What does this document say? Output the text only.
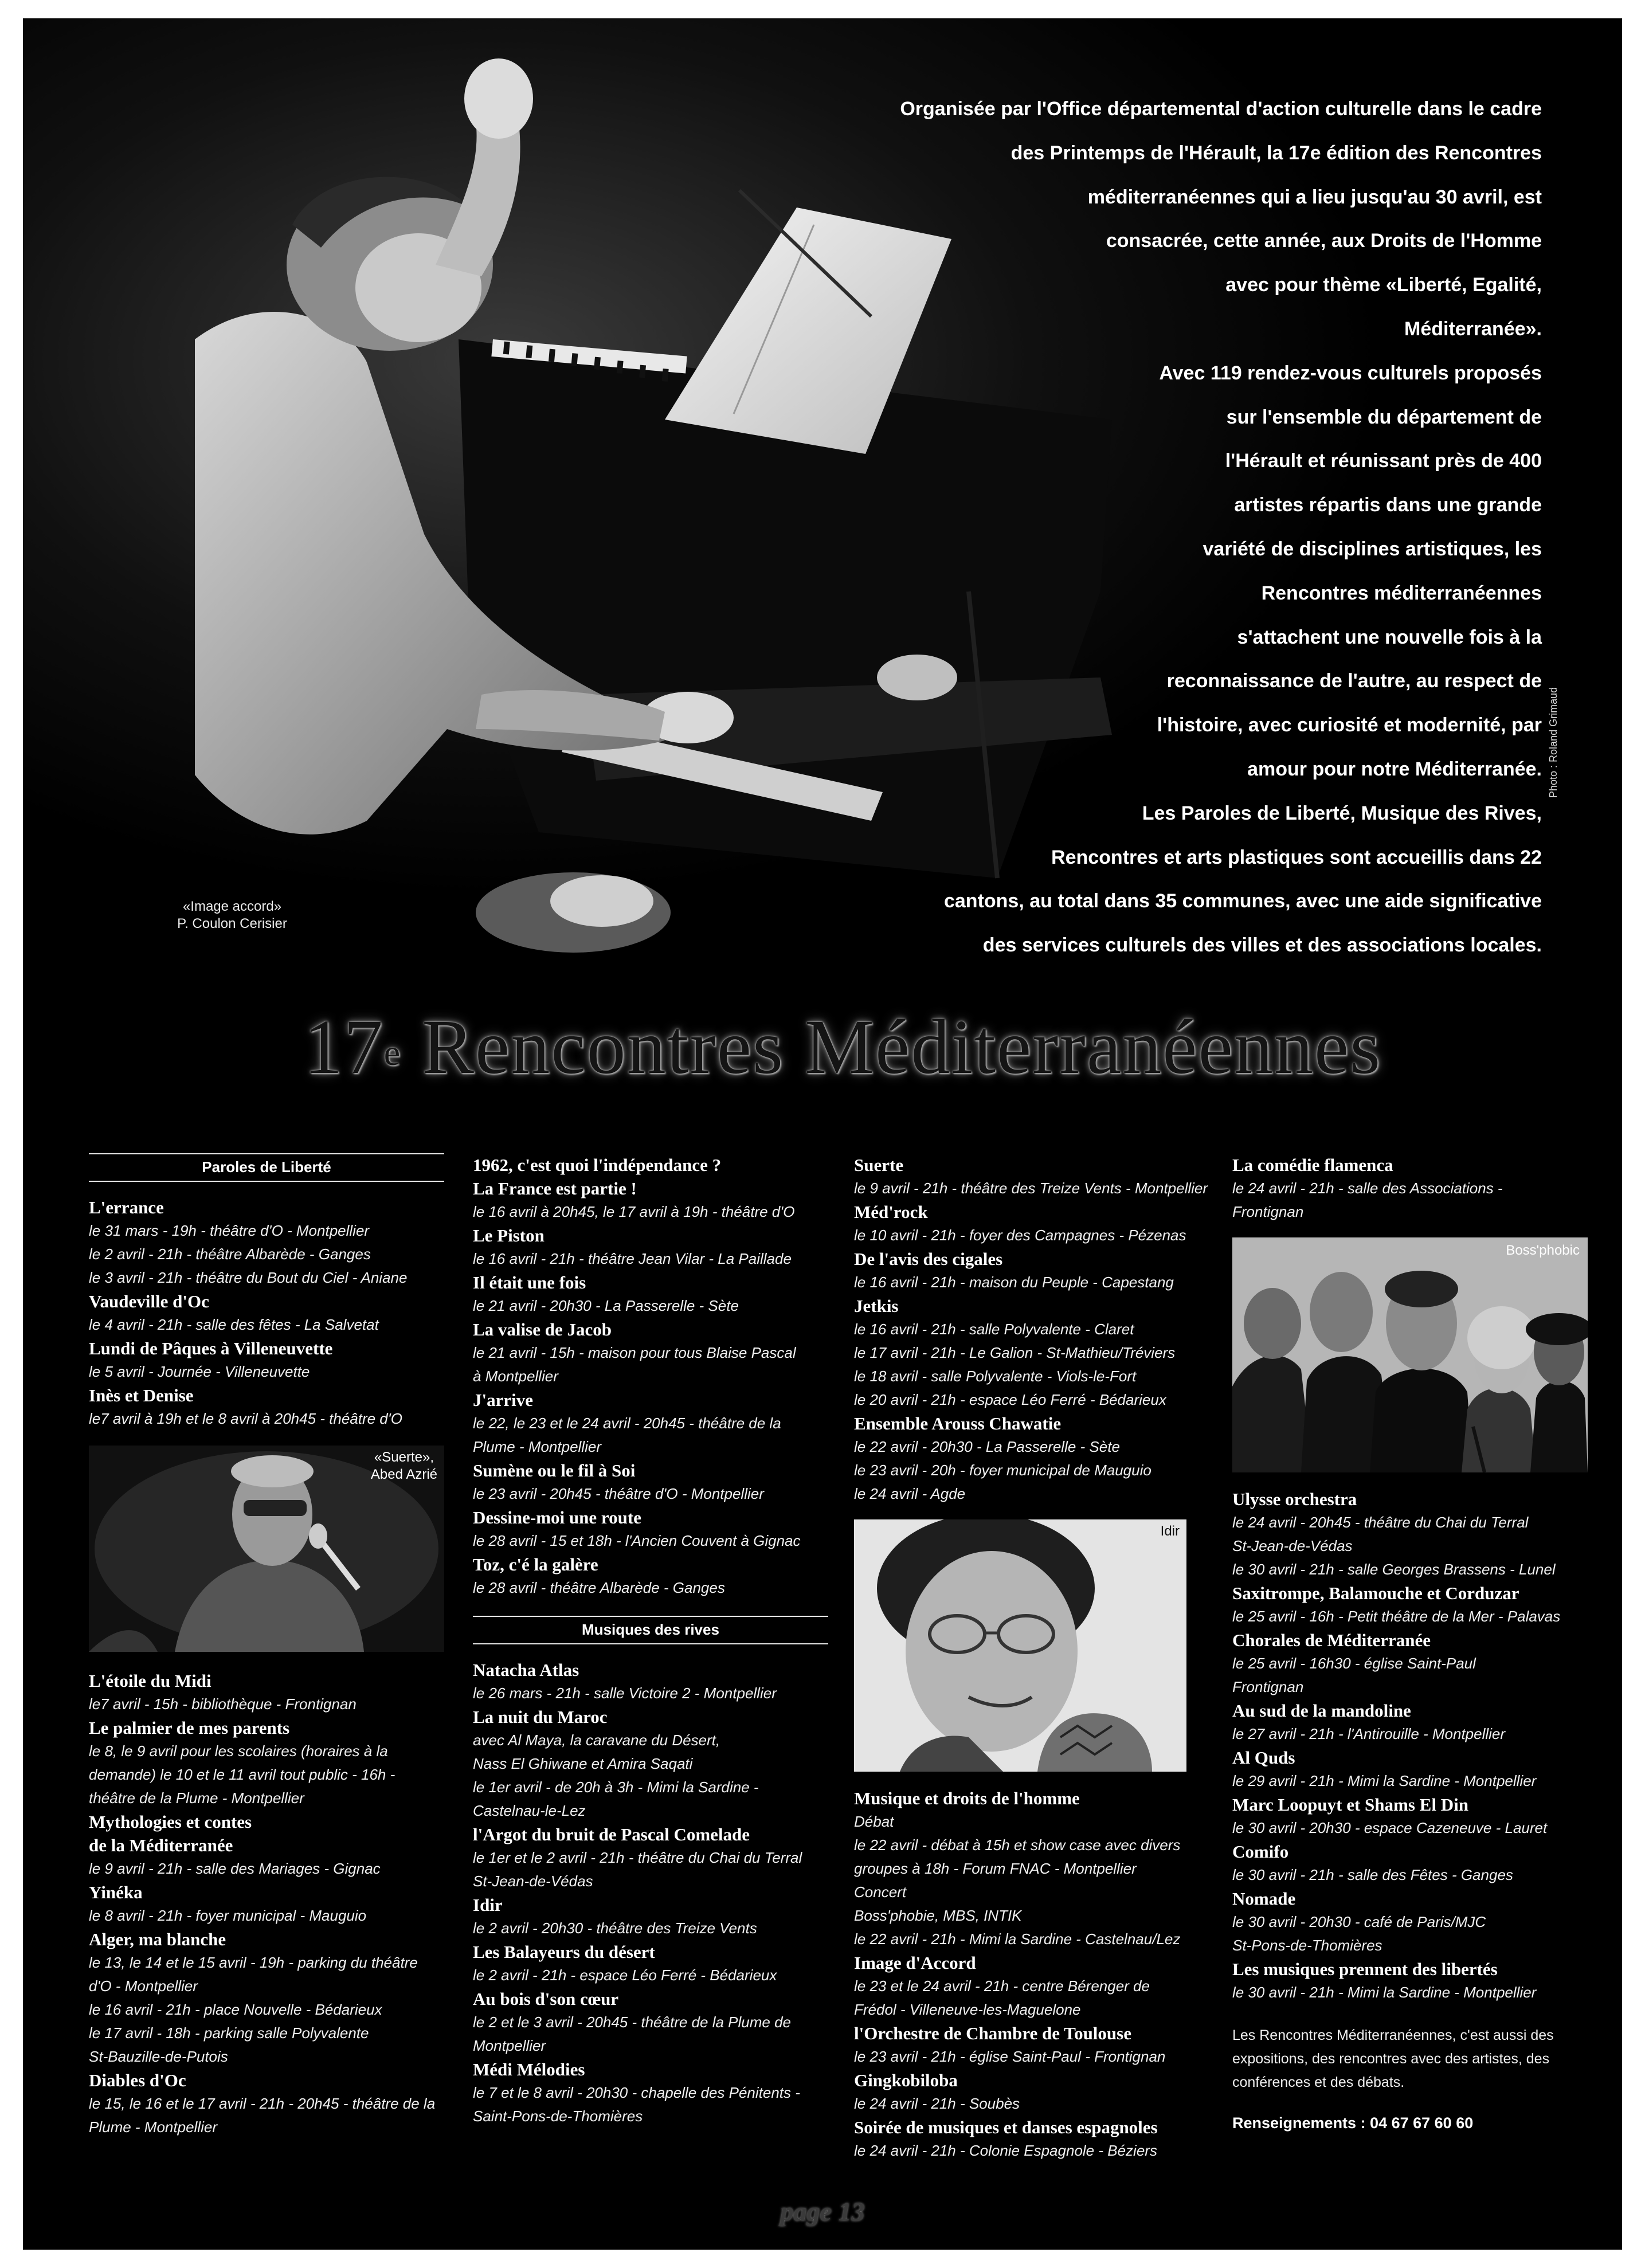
«Image accord»
P. Coulon Cerisier
Photo : Roland Grimaud
Organisée par l'Office départemental d'action culturelle dans le cadre
des Printemps de l'Hérault, la 17e édition des Rencontres
méditerranéennes qui a lieu jusqu'au 30 avril, est
consacrée, cette année, aux Droits de l'Homme
avec pour thème «Liberté, Egalité,
Méditerranée».
Avec 119 rendez-vous culturels proposés
sur l'ensemble du département de
l'Hérault et réunissant près de 400
artistes répartis dans une grande
variété de disciplines artistiques, les
Rencontres méditerranéennes
s'attachent une nouvelle fois à la
reconnaissance de l'autre, au respect de
l'histoire, avec curiosité et modernité, par
amour pour notre Méditerranée.
Les Paroles de Liberté, Musique des Rives,
Rencontres et arts plastiques sont accueillis dans 22
cantons, au total dans 35 communes, avec une aide significative
des services culturels des villes et des associations locales.
17e Rencontres Méditerranéennes
Paroles de Liberté
L'errance
le 31 mars - 19h - théâtre d'O - Montpellier
le 2 avril - 21h - théâtre Albarède - Ganges
le 3 avril - 21h - théâtre du Bout du Ciel - Aniane
Vaudeville d'Oc
le 4 avril - 21h - salle des fêtes - La Salvetat
Lundi de Pâques à Villeneuvette
le 5 avril - Journée - Villeneuvette
Inès et Denise
le7 avril à 19h et le 8 avril à 20h45 - théâtre d'O
«Suerte»,
Abed Azrié
L'étoile du Midi
le7 avril - 15h - bibliothèque - Frontignan
Le palmier de mes parents
le 8, le 9 avril pour les scolaires (horaires à la
demande) le 10 et le 11 avril tout public - 16h -
théâtre de la Plume - Montpellier
Mythologies et contes
de la Méditerranée
le 9 avril - 21h - salle des Mariages - Gignac
Yinéka
le 8 avril - 21h - foyer municipal - Mauguio
Alger, ma blanche
le 13, le 14 et le 15 avril - 19h - parking du théâtre
d'O - Montpellier
le 16 avril - 21h - place Nouvelle - Bédarieux
le 17 avril - 18h - parking salle Polyvalente
St-Bauzille-de-Putois
Diables d'Oc
le 15, le 16 et le 17 avril - 21h - 20h45 - théâtre de la
Plume - Montpellier
1962, c'est quoi l'indépendance ?
La France est partie !
le 16 avril à 20h45, le 17 avril à 19h - théâtre d'O
Le Piston
le 16 avril - 21h - théâtre Jean Vilar - La Paillade
Il était une fois
le 21 avril - 20h30 - La Passerelle - Sète
La valise de Jacob
le 21 avril - 15h - maison pour tous Blaise Pascal
à Montpellier
J'arrive
le 22, le 23 et le 24 avril - 20h45 - théâtre de la
Plume - Montpellier
Sumène ou le fil à Soi
le 23 avril - 20h45 - théâtre d'O - Montpellier
Dessine-moi une route
le 28 avril - 15 et 18h - l'Ancien Couvent à Gignac
Toz, c'é la galère
le 28 avril - théâtre Albarède - Ganges
Musiques des rives
Natacha Atlas
le 26 mars - 21h - salle Victoire 2 - Montpellier
La nuit du Maroc
avec Al Maya, la caravane du Désert,
Nass El Ghiwane et Amira Saqati
le 1er avril - de 20h à 3h - Mimi la Sardine -
Castelnau-le-Lez
l'Argot du bruit de Pascal Comelade
le 1er et le 2 avril - 21h - théâtre du Chai du Terral
St-Jean-de-Védas
Idir
le 2 avril - 20h30 - théâtre des Treize Vents
Les Balayeurs du désert
le 2 avril - 21h - espace Léo Ferré - Bédarieux
Au bois d'son cœur
le 2 et le 3 avril - 20h45 - théâtre de la Plume de
Montpellier
Médi Mélodies
le 7 et le 8 avril - 20h30 - chapelle des Pénitents -
Saint-Pons-de-Thomières
Suerte
le 9 avril - 21h - théâtre des Treize Vents - Montpellier
Méd'rock
le 10 avril - 21h - foyer des Campagnes - Pézenas
De l'avis des cigales
le 16 avril - 21h - maison du Peuple - Capestang
Jetkis
le 16 avril - 21h - salle Polyvalente - Claret
le 17 avril - 21h - Le Galion - St-Mathieu/Tréviers
le 18 avril - salle Polyvalente - Viols-le-Fort
le 20 avril - 21h - espace Léo Ferré - Bédarieux
Ensemble Arouss Chawatie
le 22 avril - 20h30 - La Passerelle - Sète
le 23 avril - 20h - foyer municipal de Mauguio
le 24 avril - Agde
Idir
Musique et droits de l'homme
Débat
le 22 avril - débat à 15h et show case avec divers
groupes à 18h - Forum FNAC - Montpellier
Concert
Boss'phobie, MBS, INTIK
le 22 avril - 21h - Mimi la Sardine - Castelnau/Lez
Image d'Accord
le 23 et le 24 avril - 21h - centre Bérenger de
Frédol - Villeneuve-les-Maguelone
l'Orchestre de Chambre de Toulouse
le 23 avril - 21h - église Saint-Paul - Frontignan
Gingkobiloba
le 24 avril - 21h - Soubès
Soirée de musiques et danses espagnoles
le 24 avril - 21h - Colonie Espagnole - Béziers
La comédie flamenca
le 24 avril - 21h - salle des Associations -
Frontignan
Boss'phobic
Ulysse orchestra
le 24 avril - 20h45 - théâtre du Chai du Terral
St-Jean-de-Védas
le 30 avril - 21h - salle Georges Brassens - Lunel
Saxitrompe, Balamouche et Corduzar
le 25 avril - 16h - Petit théâtre de la Mer - Palavas
Chorales de Méditerranée
le 25 avril - 16h30 - église Saint-Paul
Frontignan
Au sud de la mandoline
le 27 avril - 21h - l'Antirouille - Montpellier
Al Quds
le 29 avril - 21h - Mimi la Sardine - Montpellier
Marc Loopuyt et Shams El Din
le 30 avril - 20h30 - espace Cazeneuve - Lauret
Comifo
le 30 avril - 21h - salle des Fêtes - Ganges
Nomade
le 30 avril - 20h30 - café de Paris/MJC
St-Pons-de-Thomières
Les musiques prennent des libertés
le 30 avril - 21h - Mimi la Sardine - Montpellier
Les Rencontres Méditerranéennes, c'est aussi des expositions, des rencontres avec des artistes, des conférences et des débats.
Renseignements : 04 67 67 60 60
page 13
